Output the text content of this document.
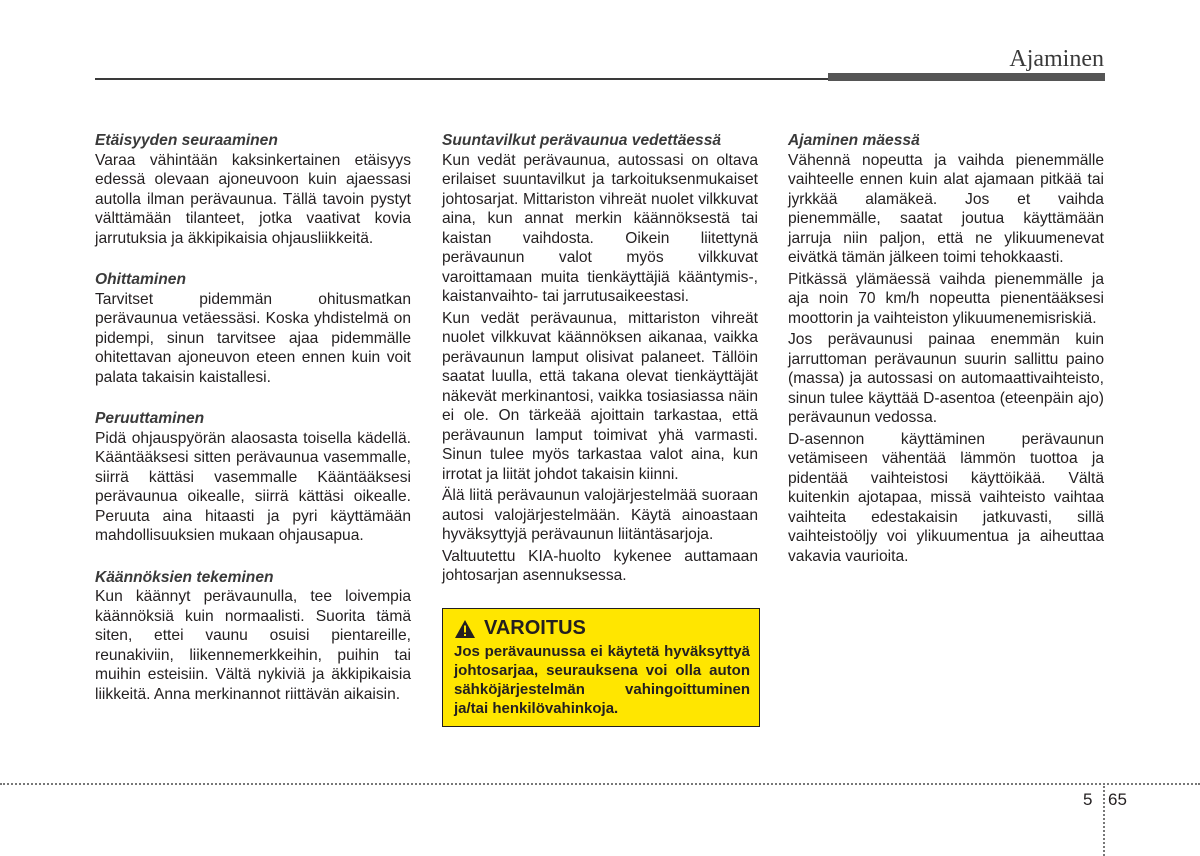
Ajaminen
Etäisyyden seuraaminen
Varaa vähintään kaksinkertainen etäisyys edessä olevaan ajoneuvoon kuin ajaessasi autolla ilman perävaunua. Tällä tavoin pystyt välttämään tilanteet, jotka vaativat kovia jarrutuksia ja äkkipikaisia ohjausliikkeitä.
Ohittaminen
Tarvitset pidemmän ohitusmatkan perävaunua vetäessäsi. Koska yhdistelmä on pidempi, sinun tarvitsee ajaa pidemmälle ohitettavan ajoneuvon eteen ennen kuin voit palata takaisin kaistallesi.
Peruuttaminen
Pidä ohjauspyörän alaosasta toisella kädellä. Kääntääksesi sitten perävaunua vasemmalle, siirrä kättäsi vasemmalle Kääntääksesi perävaunua oikealle, siirrä kättäsi oikealle. Peruuta aina hitaasti ja pyri käyttämään mahdollisuuksien mukaan ohjausapua.
Käännöksien tekeminen
Kun käännyt perävaunulla, tee loivempia käännöksiä kuin normaalisti. Suorita tämä siten, ettei vaunu osuisi pientareille, reunakiviin, liikennemerkkeihin, puihin tai muihin esteisiin. Vältä nykiviä ja äkkipikaisia liikkeitä. Anna merkinannot riittävän aikaisin.
Suuntavilkut perävaunua vedettäessä
Kun vedät perävaunua, autossasi on oltava erilaiset suuntavilkut ja tarkoituksenmukaiset johtosarjat. Mittariston vihreät nuolet vilkkuvat aina, kun annat merkin käännöksestä tai kaistan vaihdosta. Oikein liitettynä perävaunun valot myös vilkkuvat varoittamaan muita tienkäyttäjiä kääntymis-, kaistanvaihto- tai jarrutusaikeestasi.
Kun vedät perävaunua, mittariston vihreät nuolet vilkkuvat käännöksen aikanaa, vaikka perävaunun lamput olisivat palaneet. Tällöin saatat luulla, että takana olevat tienkäyttäjät näkevät merkinantosi, vaikka tosiasiassa näin ei ole. On tärkeää ajoittain tarkastaa, että perävaunun lamput toimivat yhä varmasti. Sinun tulee myös tarkastaa valot aina, kun irrotat ja liität johdot takaisin kiinni.
Älä liitä perävaunun valojärjestelmää suoraan autosi valojärjestelmään. Käytä ainoastaan hyväksyttyjä perävaunun liitäntäsarjoja.
Valtuutettu KIA-huolto kykenee auttamaan johtosarjan asennuksessa.
VAROITUS
Jos perävaunussa ei käytetä hyväksyttyä johtosarjaa, seurauksena voi olla auton sähköjärjestelmän vahingoittuminen ja/tai henkilövahinkoja.
Ajaminen mäessä
Vähennä nopeutta ja vaihda pienemmälle vaihteelle ennen kuin alat ajamaan pitkää tai jyrkkää alamäkeä. Jos et vaihda pienemmälle, saatat joutua käyttämään jarruja niin paljon, että ne ylikuumenevat eivätkä tämän jälkeen toimi tehokkaasti.
Pitkässä ylämäessä vaihda pienemmälle ja aja noin 70 km/h nopeutta pienentääksesi moottorin ja vaihteiston ylikuumenemisriskiä.
Jos perävaunusi painaa enemmän kuin jarruttoman perävaunun suurin sallittu paino (massa) ja autossasi on automaattivaihteisto, sinun tulee käyttää D-asentoa (eteenpäin ajo) perävaunun vedossa.
D-asennon käyttäminen perävaunun vetämiseen vähentää lämmön tuottoa ja pidentää vaihteistosi käyttöikää. Vältä kuitenkin ajotapaa, missä vaihteisto vaihtaa vaihteita edestakaisin jatkuvasti, sillä vaihteistoöljy voi ylikuumentua ja aiheuttaa vakavia vaurioita.
5 65
